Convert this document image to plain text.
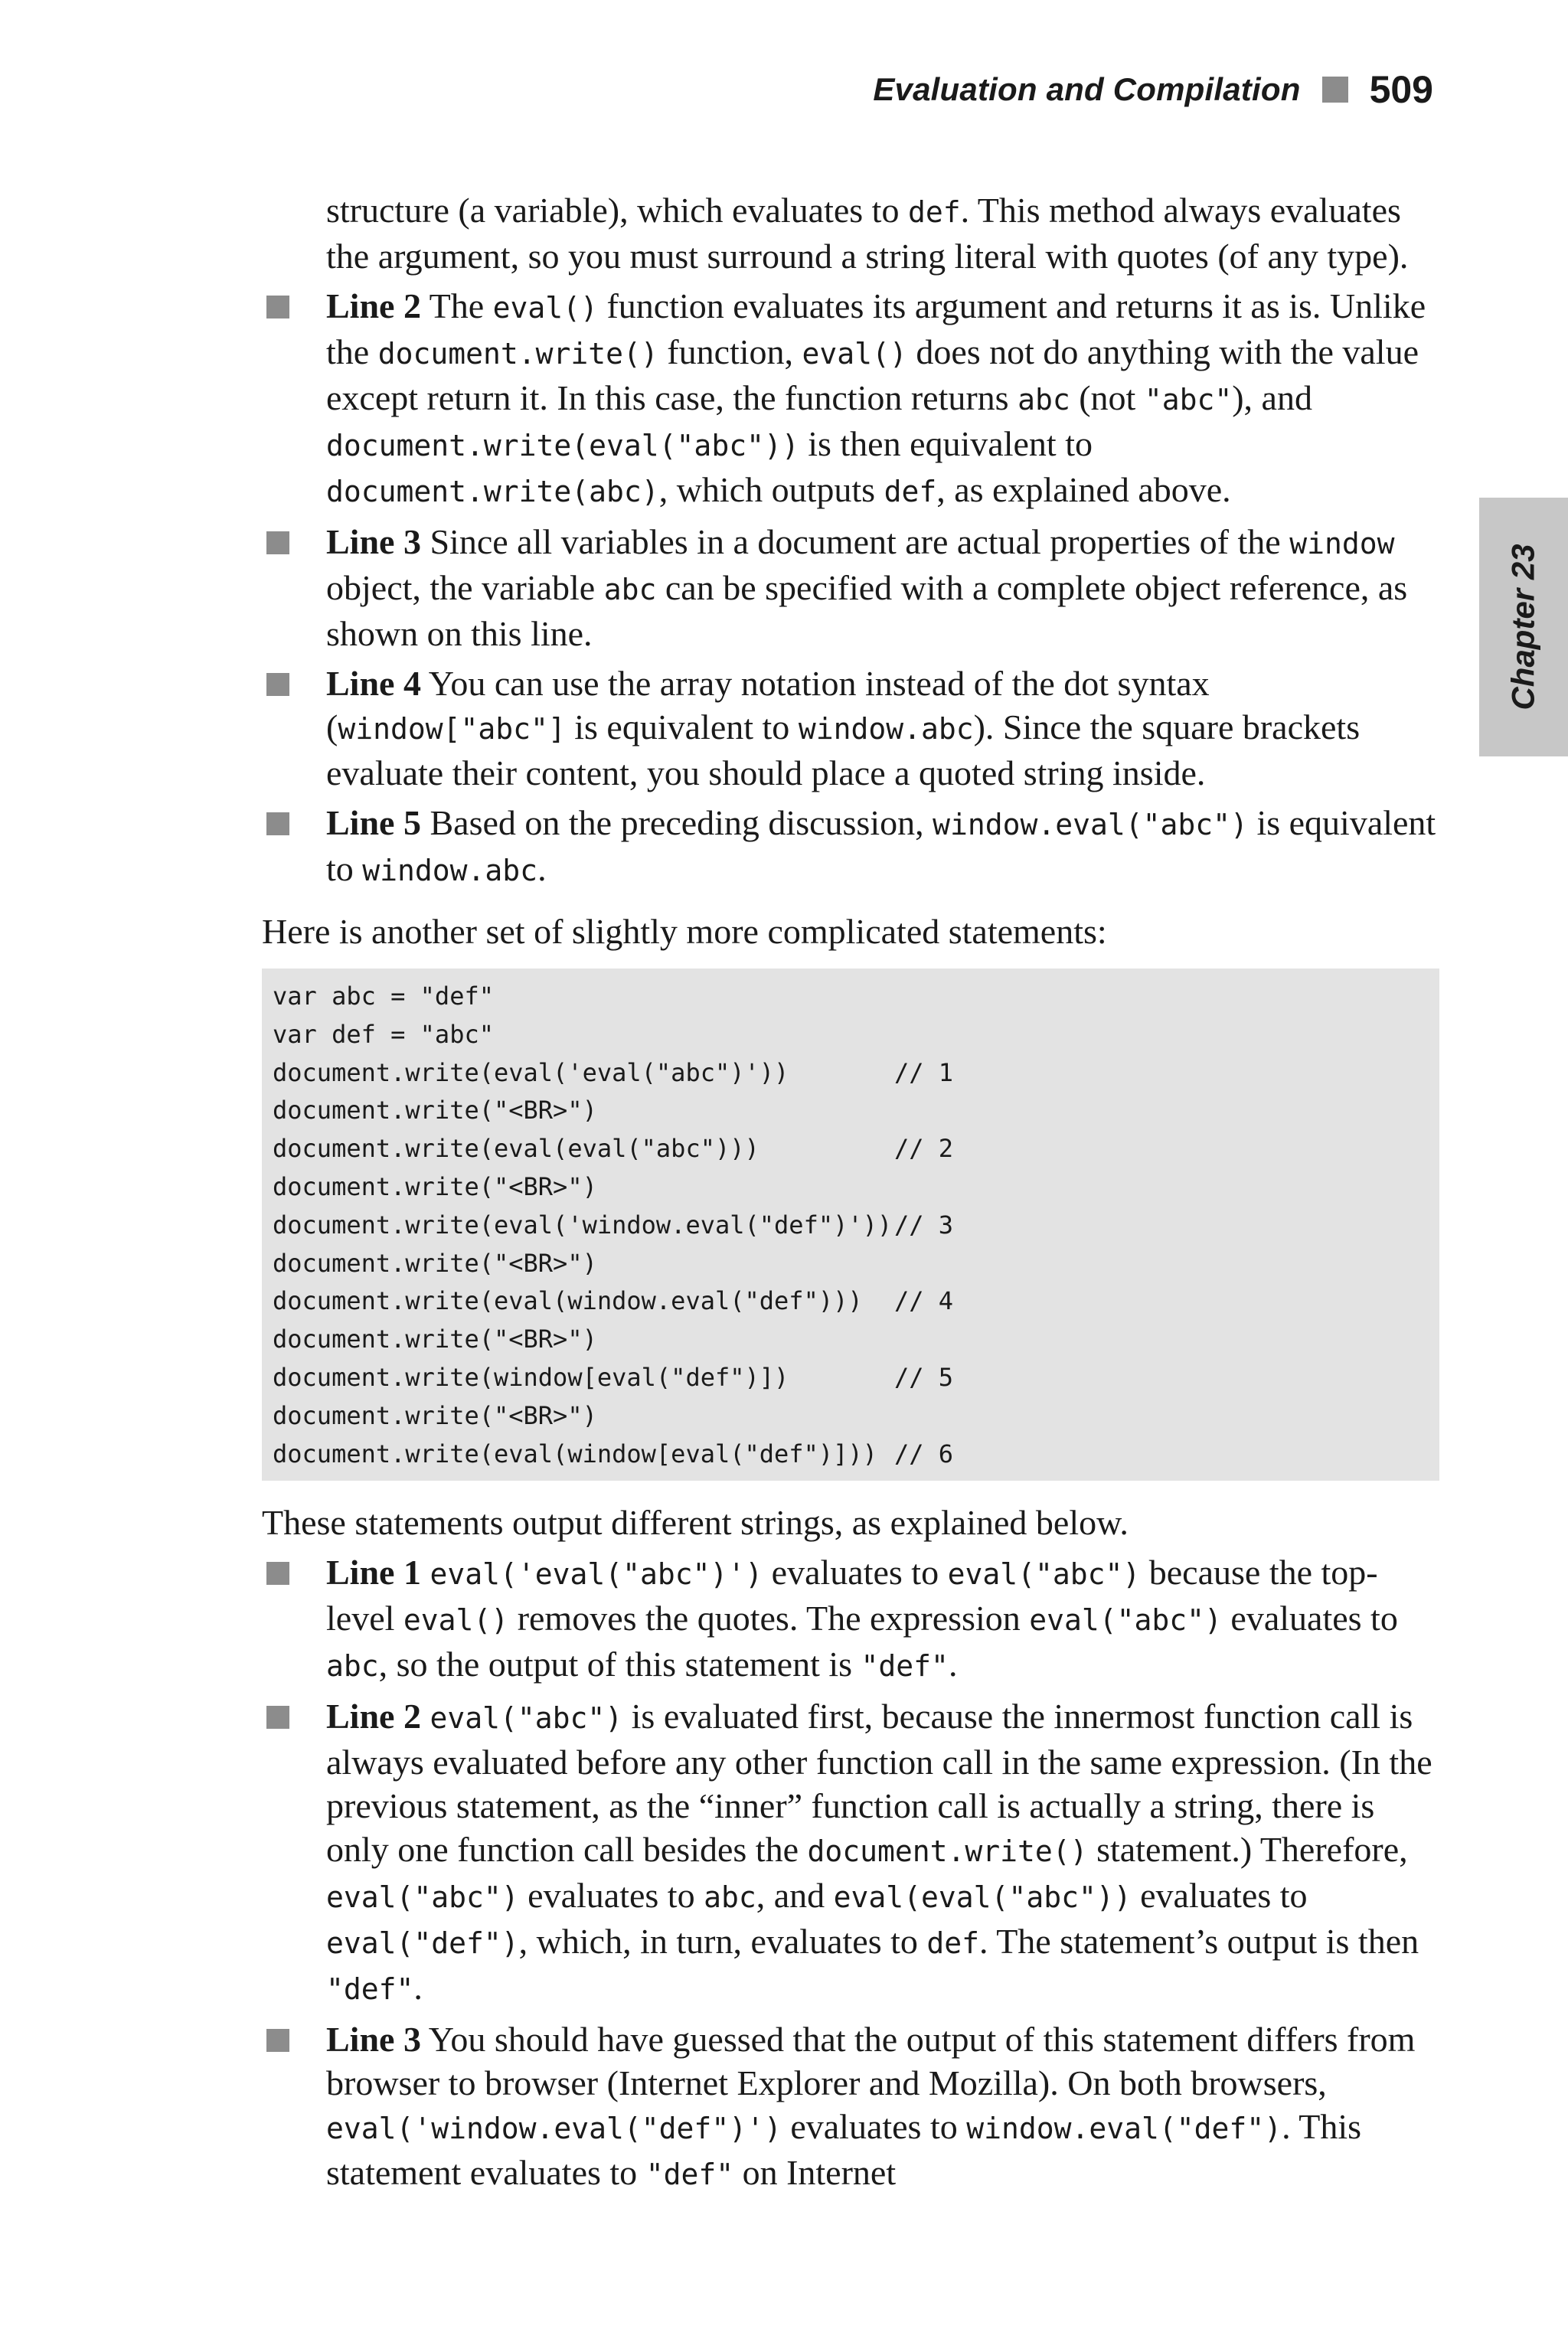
Evaluation and Compilation 509
Chapter 23
structure (a variable), which evaluates to def. This method always evaluates the argument, so you must surround a string literal with quotes (of any type).
Line 2 The eval() function evaluates its argument and returns it as is. Unlike the document.write() function, eval() does not do anything with the value except return it. In this case, the function returns abc (not "abc"), and document.write(eval("abc")) is then equivalent to document.write(abc), which outputs def, as explained above.
Line 3 Since all variables in a document are actual properties of the window object, the variable abc can be specified with a complete object reference, as shown on this line.
Line 4 You can use the array notation instead of the dot syntax (window["abc"] is equivalent to window.abc). Since the square brackets evaluate their content, you should place a quoted string inside.
Line 5 Based on the preceding discussion, window.eval("abc") is equivalent to window.abc.
Here is another set of slightly more complicated statements:
var abc = "def"
var def = "abc"
document.write(eval('eval("abc")'))	// 1
document.write("<BR>")
document.write(eval(eval("abc")))	// 2
document.write("<BR>")
document.write(eval('window.eval("def")')) // 3
document.write("<BR>")
document.write(eval(window.eval("def")))	// 4
document.write("<BR>")
document.write(window[eval("def")])	// 5
document.write("<BR>")
document.write(eval(window[eval("def")])) // 6
These statements output different strings, as explained below.
Line 1 eval('eval("abc")') evaluates to eval("abc") because the top-level eval() removes the quotes. The expression eval("abc") evaluates to abc, so the output of this statement is "def".
Line 2 eval("abc") is evaluated first, because the innermost function call is always evaluated before any other function call in the same expression. (In the previous statement, as the “inner” function call is actually a string, there is only one function call besides the document.write() statement.) Therefore, eval("abc") evaluates to abc, and eval(eval("abc")) evaluates to eval("def"), which, in turn, evaluates to def. The statement’s output is then "def".
Line 3 You should have guessed that the output of this statement differs from browser to browser (Internet Explorer and Mozilla). On both browsers, eval('window.eval("def")') evaluates to window.eval("def"). This statement evaluates to "def" on Internet
